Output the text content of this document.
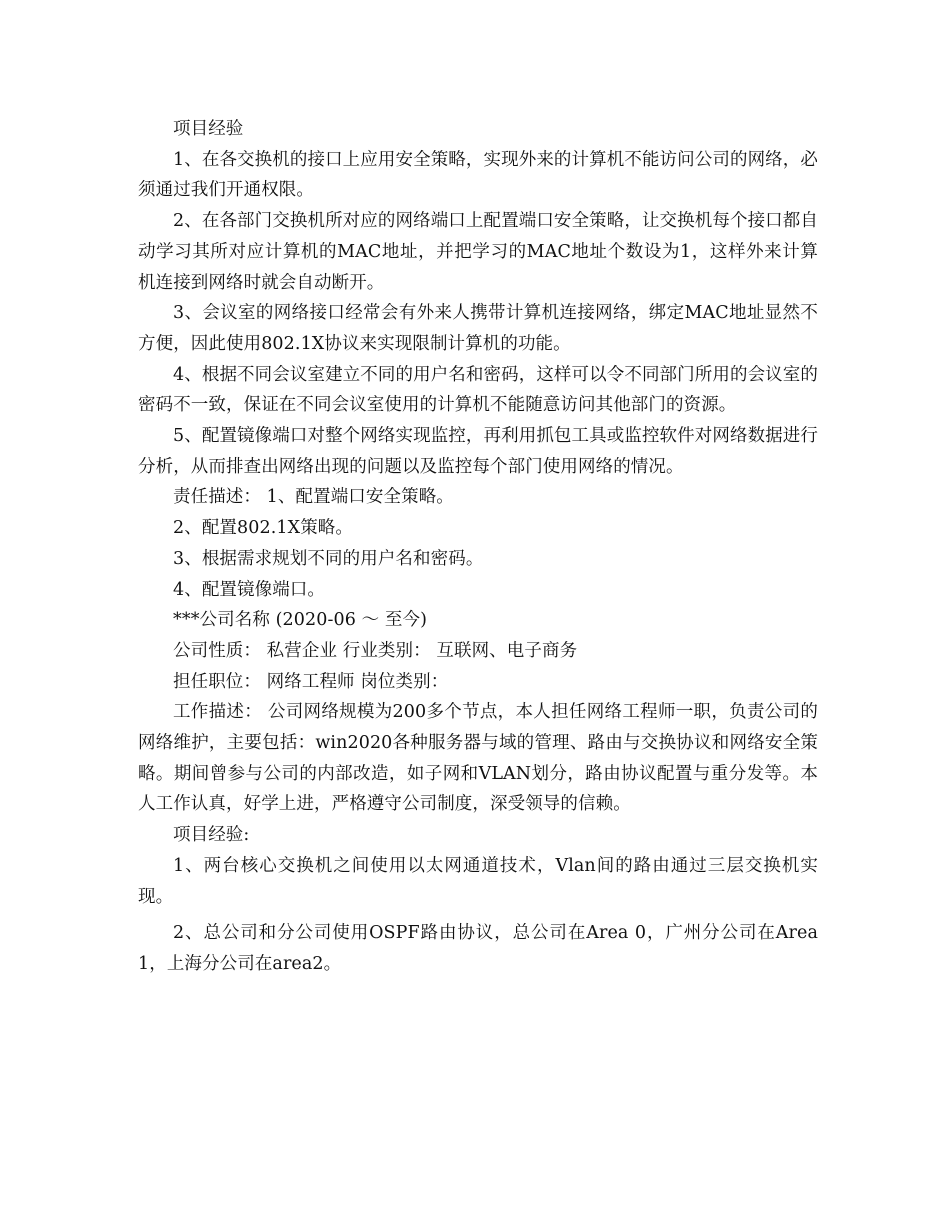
项目经验

1、在各交换机的接口上应用安全策略，实现外来的计算机不能访问公司的网络，必须通过我们开通权限。

2、在各部门交换机所对应的网络端口上配置端口安全策略，让交换机每个接口都自动学习其所对应计算机的MAC地址，并把学习的MAC地址个数设为1，这样外来计算机连接到网络时就会自动断开。

3、会议室的网络接口经常会有外来人携带计算机连接网络，绑定MAC地址显然不方便，因此使用802.1X协议来实现限制计算机的功能。

4、根据不同会议室建立不同的用户名和密码，这样可以令不同部门所用的会议室的密码不一致，保证在不同会议室使用的计算机不能随意访问其他部门的资源。

5、配置镜像端口对整个网络实现监控，再利用抓包工具或监控软件对网络数据进行分析，从而排查出网络出现的问题以及监控每个部门使用网络的情况。

责任描述： 1、配置端口安全策略。

2、配置802.1X策略。

3、根据需求规划不同的用户名和密码。

4、配置镜像端口。

***公司名称 (2020-06 ～ 至今)

公司性质： 私营企业 行业类别： 互联网、电子商务

担任职位： 网络工程师 岗位类别：

工作描述： 公司网络规模为200多个节点，本人担任网络工程师一职，负责公司的网络维护，主要包括：win2020各种服务器与域的管理、路由与交换协议和网络安全策略。期间曾参与公司的内部改造，如子网和VLAN划分，路由协议配置与重分发等。本人工作认真，好学上进，严格遵守公司制度，深受领导的信赖。

项目经验:

1、两台核心交换机之间使用以太网通道技术，Vlan间的路由通过三层交换机实现。

2、总公司和分公司使用OSPF路由协议，总公司在Area 0，广州分公司在Area 1，上海分公司在area2。
